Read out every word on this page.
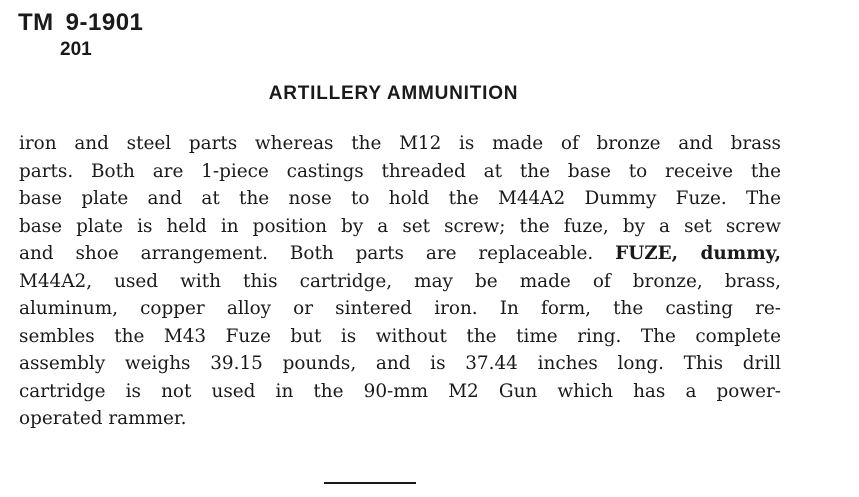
TM 9-1901
201
ARTILLERY AMMUNITION
iron and steel parts whereas the M12 is made of bronze and brass
parts. Both are 1-piece castings threaded at the base to receive the
base plate and at the nose to hold the M44A2 Dummy Fuze. The
base plate is held in position by a set screw; the fuze, by a set screw
and shoe arrangement. Both parts are replaceable. FUZE, dummy,
M44A2, used with this cartridge, may be made of bronze, brass,
aluminum, copper alloy or sintered iron. In form, the casting re-
sembles the M43 Fuze but is without the time ring. The complete
assembly weighs 39.15 pounds, and is 37.44 inches long. This drill
cartridge is not used in the 90-mm M2 Gun which has a power-
operated rammer.
